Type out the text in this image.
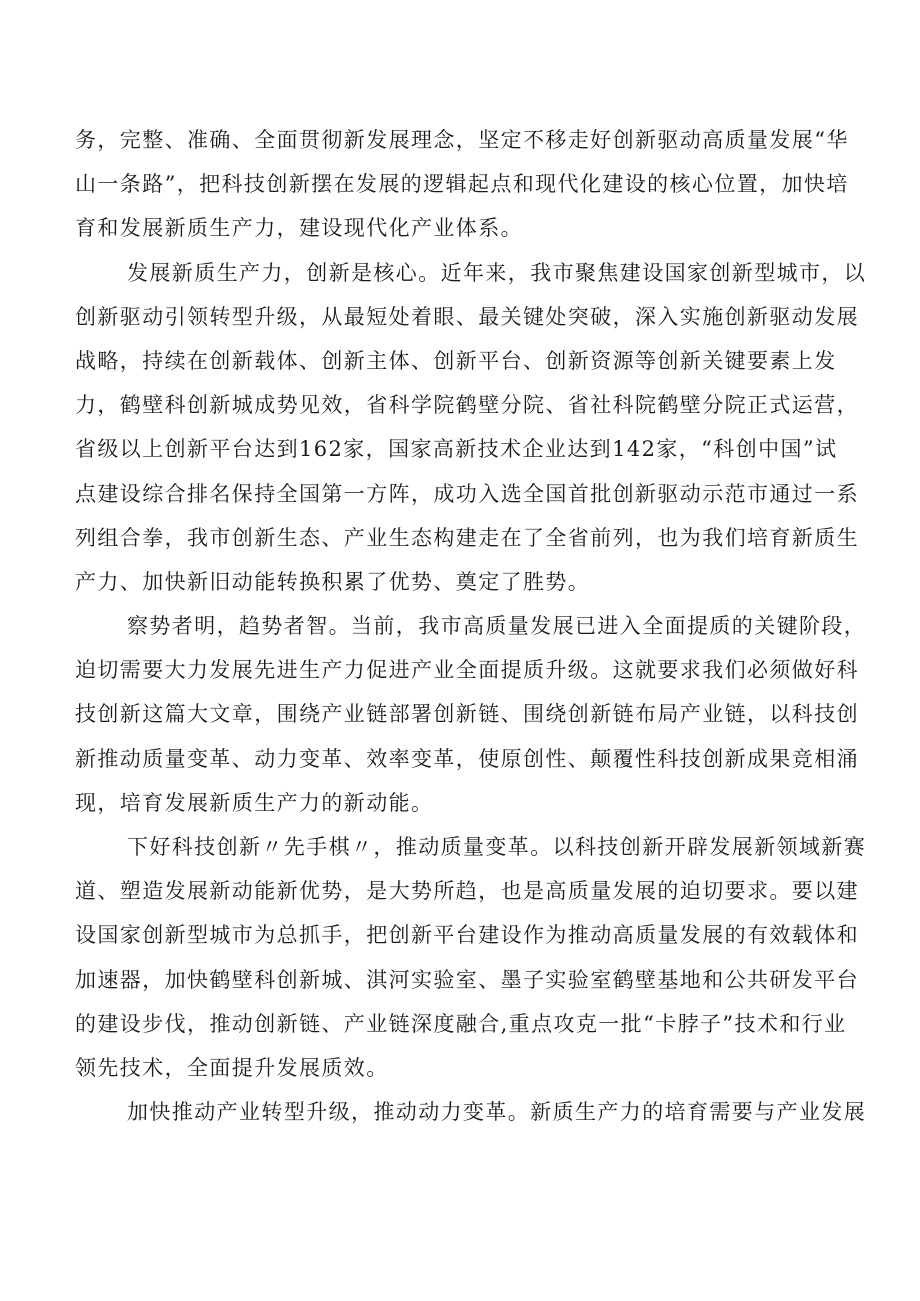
务，完整、准确、全面贯彻新发展理念，坚定不移走好创新驱动高质量发展“华
山一条路”，把科技创新摆在发展的逻辑起点和现代化建设的核心位置，加快培
育和发展新质生产力，建设现代化产业体系。
发展新质生产力，创新是核心。近年来，我市聚焦建设国家创新型城市，以
创新驱动引领转型升级，从最短处着眼、最关键处突破，深入实施创新驱动发展
战略，持续在创新载体、创新主体、创新平台、创新资源等创新关键要素上发
力，鹤壁科创新城成势见效，省科学院鹤壁分院、省社科院鹤壁分院正式运营，
省级以上创新平台达到162家，国家高新技术企业达到142家，“科创中国”试
点建设综合排名保持全国第一方阵，成功入选全国首批创新驱动示范市通过一系
列组合拳，我市创新生态、产业生态构建走在了全省前列，也为我们培育新质生
产力、加快新旧动能转换积累了优势、奠定了胜势。
察势者明，趋势者智。当前，我市高质量发展已进入全面提质的关键阶段，
迫切需要大力发展先进生产力促进产业全面提质升级。这就要求我们必须做好科
技创新这篇大文章，围绕产业链部署创新链、围绕创新链布局产业链，以科技创
新推动质量变革、动力变革、效率变革，使原创性、颠覆性科技创新成果竞相涌
现，培育发展新质生产力的新动能。
下好科技创新〃先手棋〃，推动质量变革。以科技创新开辟发展新领域新赛
道、塑造发展新动能新优势，是大势所趋，也是高质量发展的迫切要求。要以建
设国家创新型城市为总抓手，把创新平台建设作为推动高质量发展的有效载体和
加速器，加快鹤壁科创新城、淇河实验室、墨子实验室鹤壁基地和公共研发平台
的建设步伐，推动创新链、产业链深度融合,重点攻克一批“卡脖子”技术和行业
领先技术，全面提升发展质效。
加快推动产业转型升级，推动动力变革。新质生产力的培育需要与产业发展
